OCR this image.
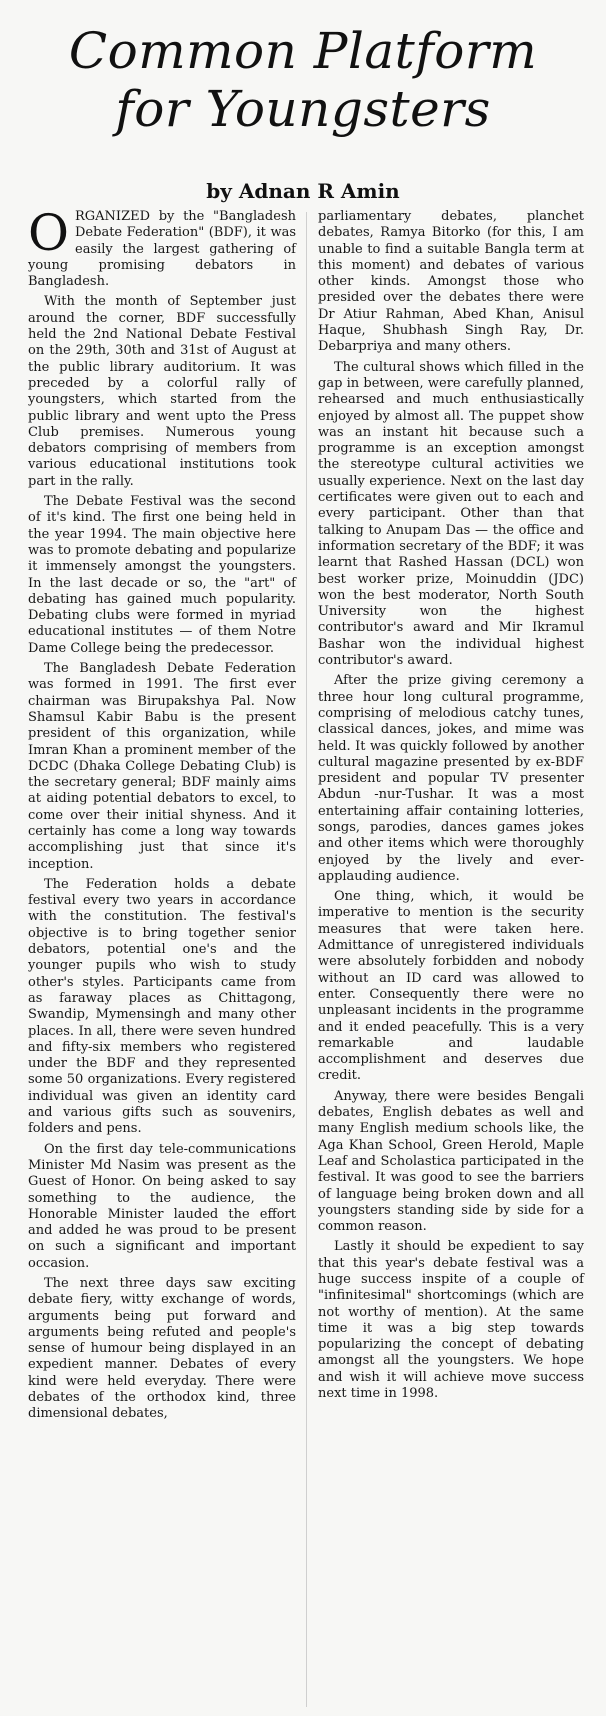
Common Platform
for Youngsters

by Adnan R Amin

ORGANIZED by the "Bangladesh Debate Federation" (BDF), it was easily the largest gathering of young promising debators in Bangladesh.

With the month of September just around the corner, BDF successfully held the 2nd National Debate Festival on the 29th, 30th and 31st of August at the public library auditorium. It was preceded by a colorful rally of youngsters, which started from the public library and went upto the Press Club premises. Numerous young debators comprising of members from various educational institutions took part in the rally.

The Debate Festival was the second of it's kind. The first one being held in the year 1994. The main objective here was to promote debating and popularize it immensely amongst the youngsters. In the last decade or so, the "art" of debating has gained much popularity. Debating clubs were formed in myriad educational institutes — of them Notre Dame College being the predecessor.

The Bangladesh Debate Federation was formed in 1991. The first ever chairman was Birupakshya Pal. Now Shamsul Kabir Babu is the present president of this organization, while Imran Khan a prominent member of the DCDC (Dhaka College Debating Club) is the secretary general; BDF mainly aims at aiding potential debators to excel, to come over their initial shyness. And it certainly has come a long way towards accomplishing just that since it's inception.

The Federation holds a debate festival every two years in accordance with the constitution. The festival's objective is to bring together senior debators, potential one's and the younger pupils who wish to study other's styles. Participants came from as faraway places as Chittagong, Swandip, Mymensingh and many other places. In all, there were seven hundred and fifty-six members who registered under the BDF and they represented some 50 organizations. Every registered individual was given an identity card and various gifts such as souvenirs, folders and pens.

On the first day tele-communications Minister Md Nasim was present as the Guest of Honor. On being asked to say something to the audience, the Honorable Minister lauded the effort and added he was proud to be present on such a significant and important occasion.

The next three days saw exciting debate fiery, witty exchange of words, arguments being put forward and arguments being refuted and people's sense of humour being displayed in an expedient manner. Debates of every kind were held everyday. There were debates of the orthodox kind, three dimensional debates,

parliamentary debates, planchet debates, Ramya Bitorko (for this, I am unable to find a suitable Bangla term at this moment) and debates of various other kinds. Amongst those who presided over the debates there were Dr Atiur Rahman, Abed Khan, Anisul Haque, Shubhash Singh Ray, Dr. Debarpriya and many others.

The cultural shows which filled in the gap in between, were carefully planned, rehearsed and much enthusiastically enjoyed by almost all. The puppet show was an instant hit because such a programme is an exception amongst the stereotype cultural activities we usually experience. Next on the last day certificates were given out to each and every participant. Other than that talking to Anupam Das — the office and information secretary of the BDF; it was learnt that Rashed Hassan (DCL) won best worker prize, Moinuddin (JDC) won the best moderator, North South University won the highest contributor's award and Mir Ikramul Bashar won the individual highest contributor's award.

After the prize giving ceremony a three hour long cultural programme, comprising of melodious catchy tunes, classical dances, jokes, and mime was held. It was quickly followed by another cultural magazine presented by ex-BDF president and popular TV presenter Abdun -nur-Tushar. It was a most entertaining affair containing lotteries, songs, parodies, dances games jokes and other items which were thoroughly enjoyed by the lively and ever-applauding audience.

One thing, which, it would be imperative to mention is the security measures that were taken here. Admittance of unregistered individuals were absolutely forbidden and nobody without an ID card was allowed to enter. Consequently there were no unpleasant incidents in the programme and it ended peacefully. This is a very remarkable and laudable accomplishment and deserves due credit.

Anyway, there were besides Bengali debates, English debates as well and many English medium schools like, the Aga Khan School, Green Herold, Maple Leaf and Scholastica participated in the festival. It was good to see the barriers of language being broken down and all youngsters standing side by side for a common reason.

Lastly it should be expedient to say that this year's debate festival was a huge success inspite of a couple of "infinitesimal" shortcomings (which are not worthy of mention). At the same time it was a big step towards popularizing the concept of debating amongst all the youngsters. We hope and wish it will achieve move success next time in 1998.
